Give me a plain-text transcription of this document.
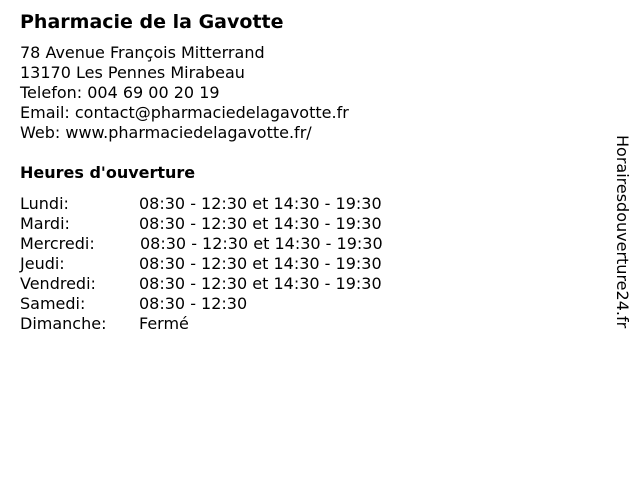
Pharmacie de la Gavotte
78 Avenue François Mitterrand
13170 Les Pennes Mirabeau
Telefon: 004 69 00 20 19
Email: contact@pharmaciedelagavotte.fr
Web: www.pharmaciedelagavotte.fr/
Heures d'ouverture
Lundi:	08:30 - 12:30 et 14:30 - 19:30
Mardi:	08:30 - 12:30 et 14:30 - 19:30
Mercredi:	08:30 - 12:30 et 14:30 - 19:30
Jeudi:	08:30 - 12:30 et 14:30 - 19:30
Vendredi:	08:30 - 12:30 et 14:30 - 19:30
Samedi:	08:30 - 12:30
Dimanche: Fermé	Horairesdouverture24.fr
